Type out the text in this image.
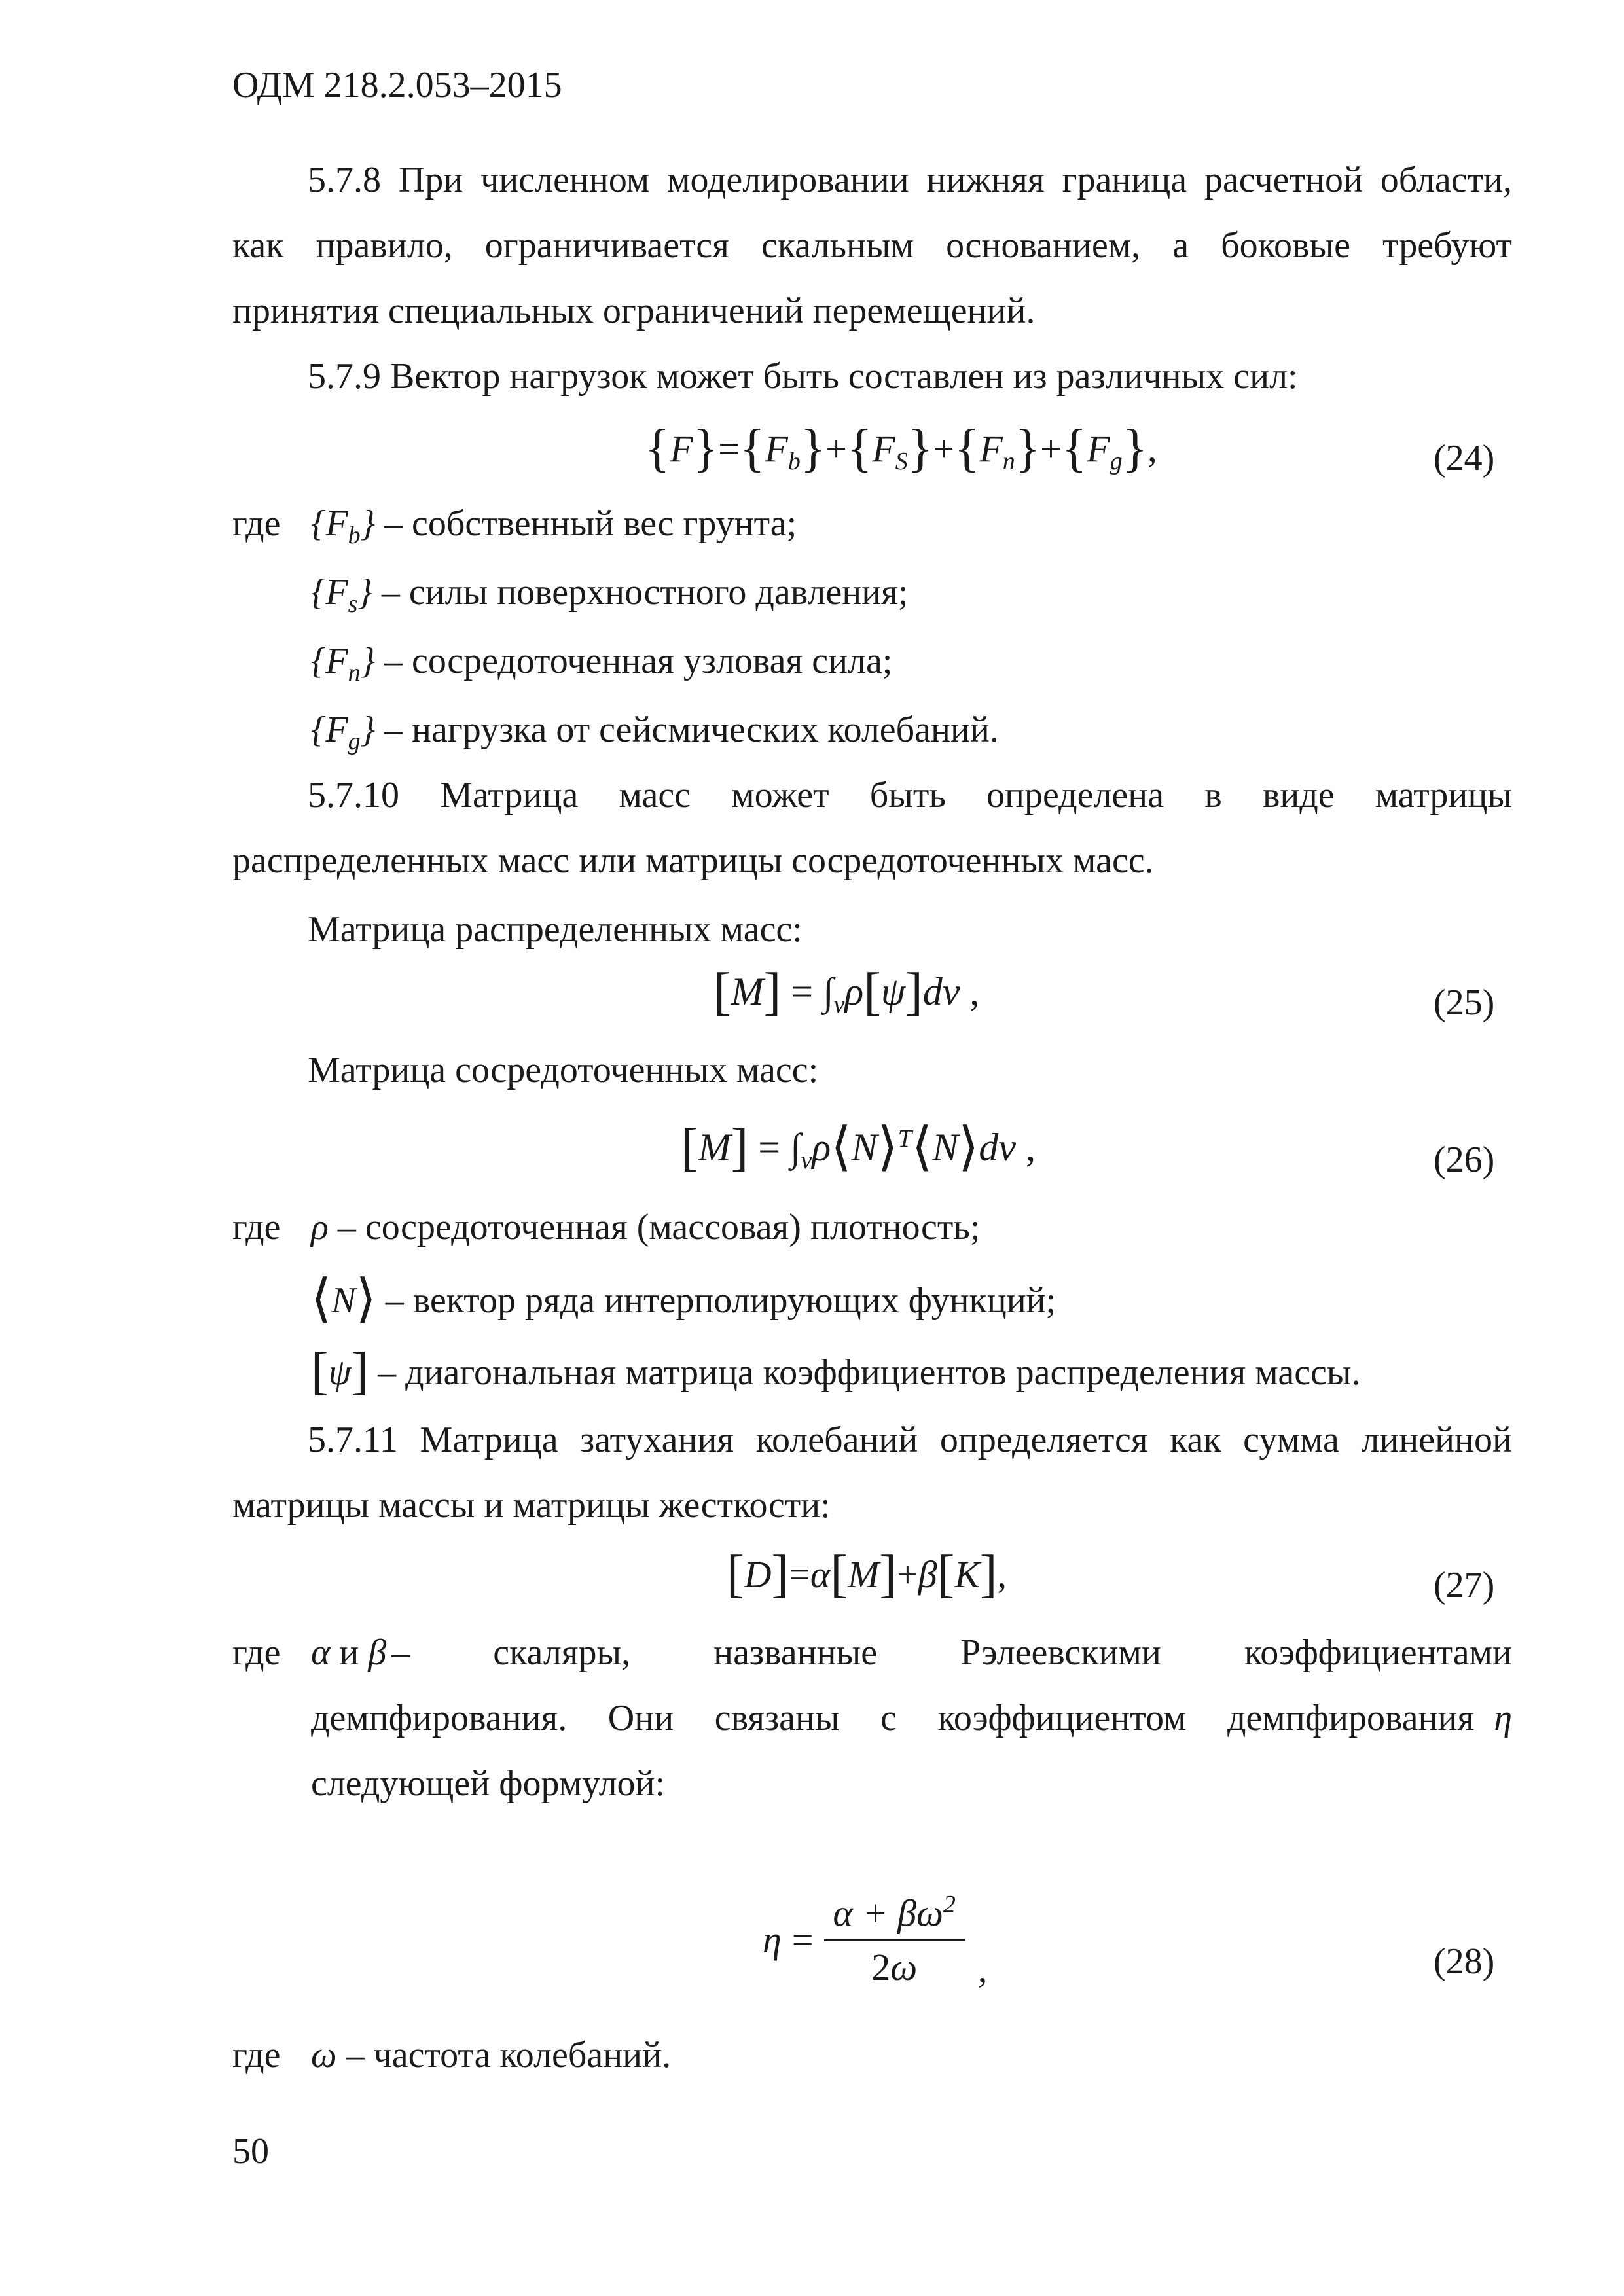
ОДМ 218.2.053–2015
5.7.8 При численном моделировании нижняя граница расчетной области,
как правило, ограничивается скальным основанием, а боковые требуют
принятия специальных ограничений перемещений.
5.7.9 Вектор нагрузок может быть составлен из различных сил:
$\{F\}=\{F_b\}+\{F_S\}+\{F_n\}+\{F_g\}$,	(24)
где $\{F_b\}$ – собственный вес грунта;
$\{F_s\}$ – силы поверхностного давления;
$\{F_n\}$ – сосредоточенная узловая сила;
$\{F_g\}$ – нагрузка от сейсмических колебаний.
5.7.10 Матрица масс может быть определена в виде матрицы
распределенных масс или матрицы сосредоточенных масс.
Матрица распределенных масс:
$[M] = \int_v\rho[\psi]dv$ ,	(25)
Матрица сосредоточенных масс:
$[M] = \int_v\rho⟨N⟩^T⟨N⟩dv$ ,	(26)
где ρ – сосредоточенная (массовая) плотность;
⟨N⟩ – вектор ряда интерполирующих функций;
[ψ] – диагональная матрица коэффициентов распределения массы.
5.7.11 Матрица затухания колебаний определяется как сумма линейной
матрицы массы и матрицы жесткости:
[D]=α[M]+β[K],	(27)
где α и β – скаляры, названные Рэлеевскими коэффициентами
демпфирования. Они связаны с коэффициентом демпфирования η
следующей формулой:
$\eta = \frac{\alpha + \beta\omega^2}{2\omega}$ ,	(28)
где ω – частота колебаний.
50
